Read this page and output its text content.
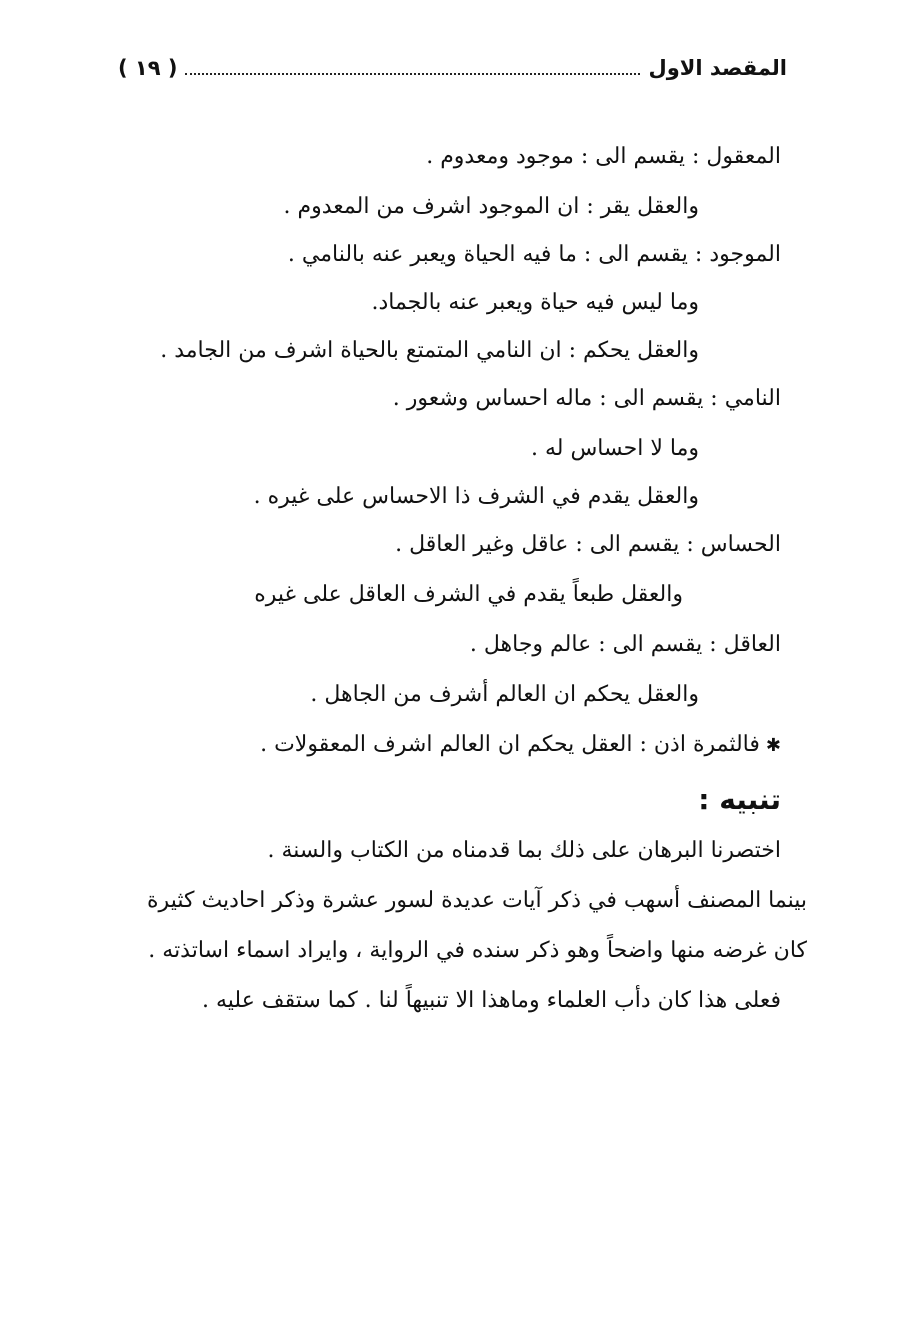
المقصد الاول
( ١٩ )
المعقول : يقسم الى : موجود ومعدوم .
والعقل يقر : ان الموجود اشرف من المعدوم .
الموجود : يقسم الى : ما فيه الحياة ويعبر عنه بالنامي .
وما ليس فيه حياة ويعبر عنه بالجماد.
والعقل يحكم : ان النامي المتمتع بالحياة اشرف من الجامد .
النامي : يقسم الى : ماله احساس وشعور .
وما لا احساس له .
والعقل يقدم في الشرف ذا الاحساس على غيره .
الحساس : يقسم الى : عاقل وغير العاقل .
والعقل طبعاً يقدم في الشرف العاقل على غيره
العاقل : يقسم الى : عالم وجاهل .
والعقل يحكم ان العالم أشرف من الجاهل .
✱فالثمرة اذن : العقل يحكم ان العالم اشرف المعقولات .
تنبيه :
اختصرنا البرهان على ذلك بما قدمناه من الكتاب والسنة .
بينما المصنف أسهب في ذكر آيات عديدة لسور عشرة وذكر احاديث كثيرة
كان غرضه منها واضحاً وهو ذكر سنده في الرواية ، وايراد اسماء اساتذته .
فعلى هذا كان دأب العلماء وماهذا الا تنبيهاً لنا . كما ستقف عليه .
